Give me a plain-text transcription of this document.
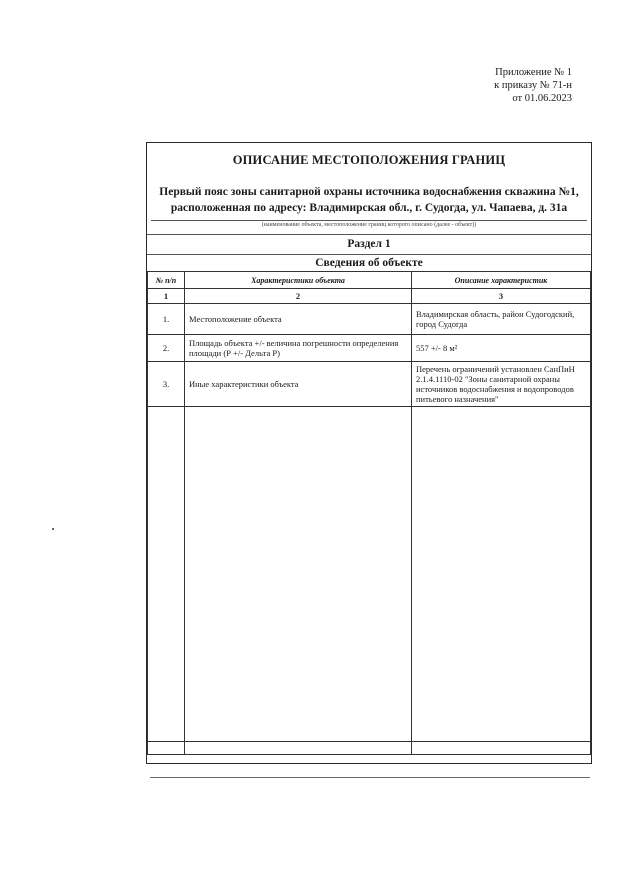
Приложение № 1
к приказу № 71-н
от 01.06.2023
ОПИСАНИЕ МЕСТОПОЛОЖЕНИЯ ГРАНИЦ
Первый пояс зоны санитарной охраны источника водоснабжения скважина №1, расположенная по адресу: Владимирская обл., г. Судогда, ул. Чапаева, д. 31а
(наименование объекта, местоположение границ которого описано (далее - объект))
Раздел 1
Сведения об объекте
№ п/п	Характеристики объекта	Описание характеристик
1	2	3
1.	Местоположение объекта	Владимирская область, район Судогодский, город Судогда
2.	Площадь объекта +/- величина погрешности определения площади (Р +/- Дельта Р)	557 +/- 8 м²
3.	Иные характеристики объекта	Перечень ограничений установлен СанПиН 2.1.4.1110-02 "Зоны санитарной охраны источников водоснабжения и водопроводов питьевого назначения"
